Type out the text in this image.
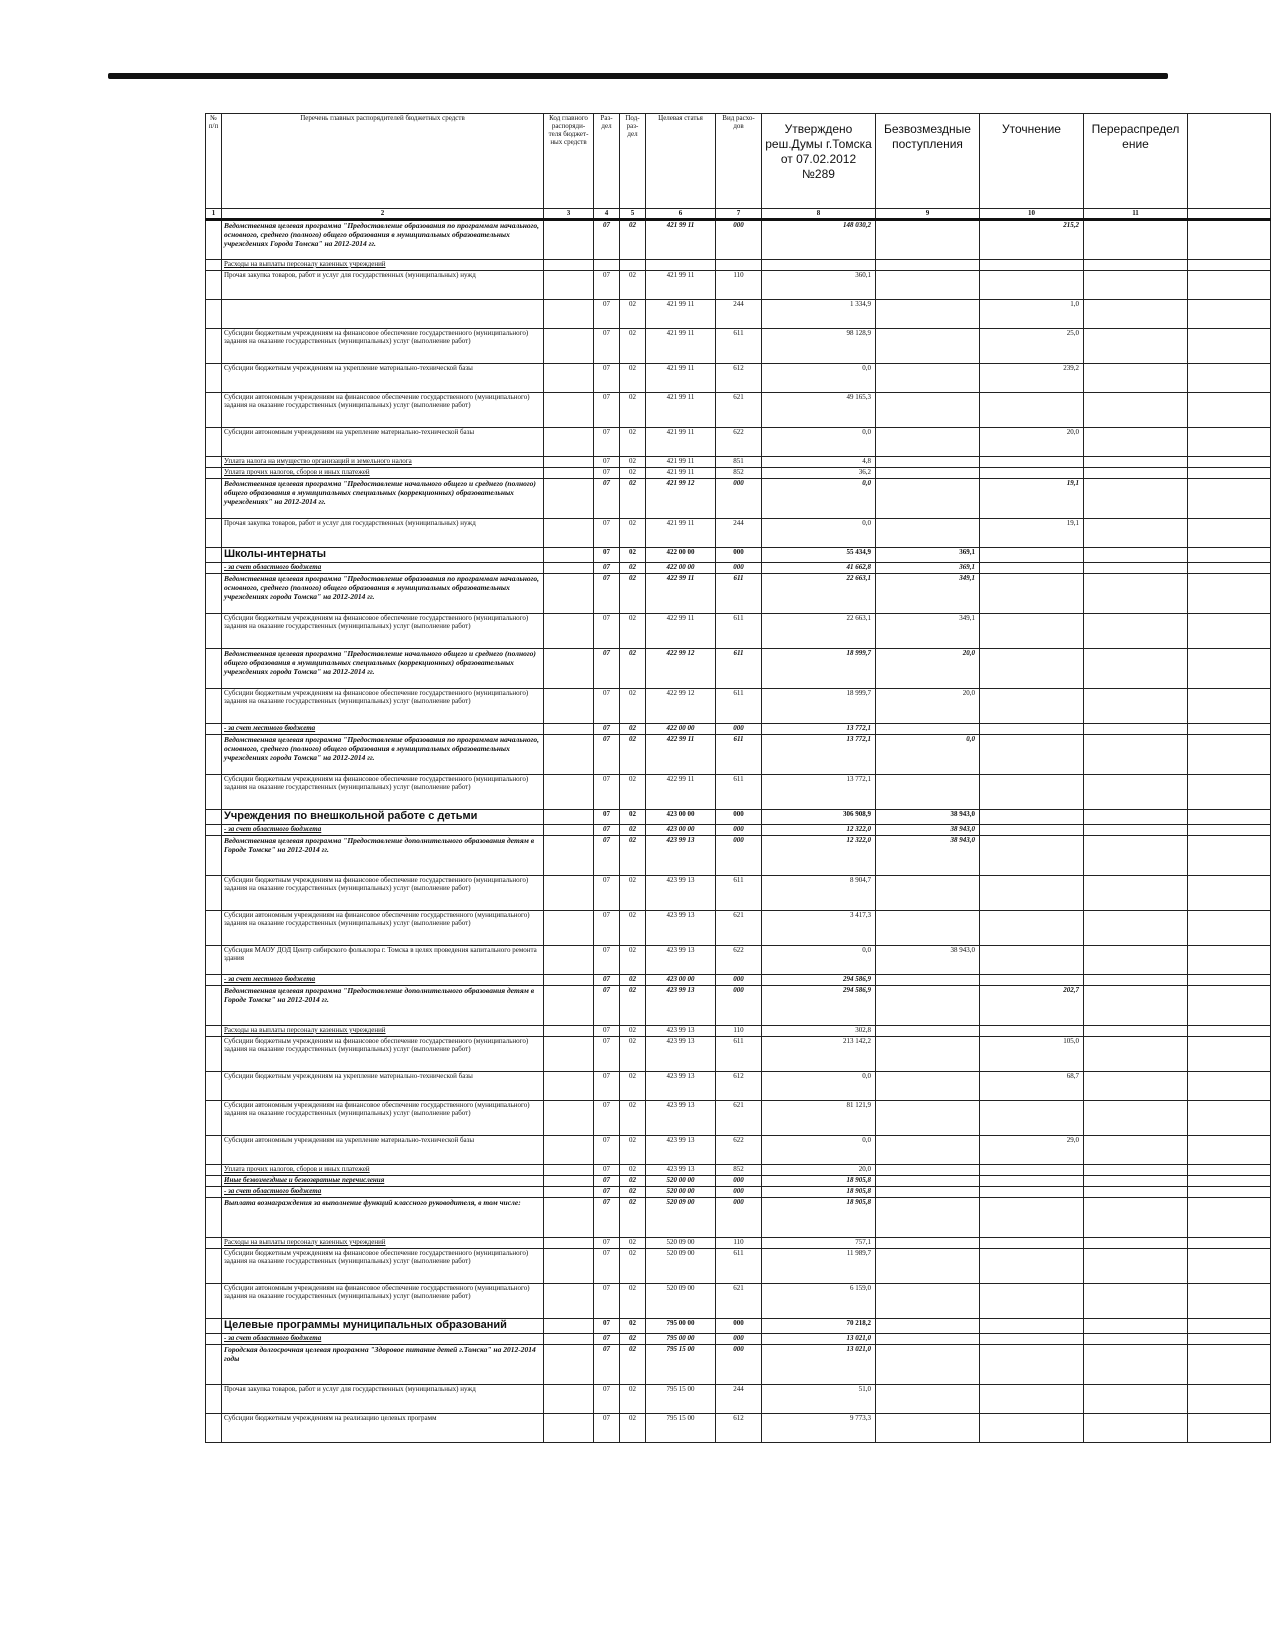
№ п/п	Перечень главных распорядителей бюджетных средств	Код главного распоряди-теля бюджет-ных средств	Раз-дел	Под-раз-дел	Целевая статья	Вид расхо-дов	Утверждено реш.Думы г.Томска от 07.02.2012 №289	Безвозмездные поступления	Уточнение	Перераспредел ение	
1	2	3	4	5	6	7	8	9	10	11	
	Ведомственная целевая программа "Предоставление образования по программам начального, основного, среднего (полного) общего образования в муниципальных образовательных учреждениях Города Томска" на 2012-2014 гг.		07	02	421 99 11	000	148 030,2		215,2		
	Расходы на выплаты персоналу казенных учреждений										
	Прочая закупка товаров, работ и услуг для государственных (муниципальных) нужд		07	02	421 99 11	110	360,1				
			07	02	421 99 11	244	1 334,9		1,0		
	Субсидии бюджетным учреждениям на финансовое обеспечение государственного (муниципального) задания на оказание государственных (муниципальных) услуг (выполнение работ)		07	02	421 99 11	611	98 128,9		25,0		
	Субсидии бюджетным учреждениям на укрепление материально-технической базы		07	02	421 99 11	612	0,0		239,2		
	Субсидии автономным учреждениям на финансовое обеспечение государственного (муниципального) задания на оказание государственных (муниципальных) услуг (выполнение работ)		07	02	421 99 11	621	49 165,3				
	Субсидии автономным учреждениям на укрепление материально-технической базы		07	02	421 99 11	622	0,0		20,0		
	Уплата налога на имущество организаций и земельного налога		07	02	421 99 11	851	4,8				
	Уплата прочих налогов, сборов и иных платежей		07	02	421 99 11	852	36,2				
	Ведомственная целевая программа "Предоставление начального общего и среднего (полного) общего образования в муниципальных специальных (коррекционных) образовательных учреждениях" на 2012-2014 гг.		07	02	421 99 12	000	0,0		19,1		
	Прочая закупка товаров, работ и услуг для государственных (муниципальных) нужд		07	02	421 99 11	244	0,0		19,1		
	Школы-интернаты		07	02	422 00 00	000	55 434,9	369,1			
	- за счет областного бюджета		07	02	422 00 00	000	41 662,8	369,1			
	Ведомственная целевая программа "Предоставление образования по программам начального, основного, среднего (полного) общего образования в муниципальных образовательных учреждениях города Томска" на 2012-2014 гг.		07	02	422 99 11	611	22 663,1	349,1			
	Субсидии бюджетным учреждениям на финансовое обеспечение государственного (муниципального) задания на оказание государственных (муниципальных) услуг (выполнение работ)		07	02	422 99 11	611	22 663,1	349,1			
	Ведомственная целевая программа "Предоставление начального общего и среднего (полного) общего образования в муниципальных специальных (коррекционных) образовательных учреждениях города Томска" на 2012-2014 гг.		07	02	422 99 12	611	18 999,7	20,0			
	Субсидии бюджетным учреждениям на финансовое обеспечение государственного (муниципального) задания на оказание государственных (муниципальных) услуг (выполнение работ)		07	02	422 99 12	611	18 999,7	20,0			
	- за счет местного бюджета		07	02	422 00 00	000	13 772,1				
	Ведомственная целевая программа "Предоставление образования по программам начального, основного, среднего (полного) общего образования в муниципальных образовательных учреждениях города Томска" на 2012-2014 гг.		07	02	422 99 11	611	13 772,1	0,0			
	Субсидии бюджетным учреждениям на финансовое обеспечение государственного (муниципального) задания на оказание государственных (муниципальных) услуг (выполнение работ)		07	02	422 99 11	611	13 772,1				
	Учреждения по внешкольной работе с детьми		07	02	423 00 00	000	306 908,9	38 943,0			
	- за счет областного бюджета		07	02	423 00 00	000	12 322,0	38 943,0			
	Ведомственная целевая программа "Предоставление дополнительного образования детям в Городе Томске" на 2012-2014 гг.		07	02	423 99 13	000	12 322,0	38 943,0			
	Субсидии бюджетным учреждениям на финансовое обеспечение государственного (муниципального) задания на оказание государственных (муниципальных) услуг (выполнение работ)		07	02	423 99 13	611	8 904,7				
	Субсидии автономным учреждениям на финансовое обеспечение государственного (муниципального) задания на оказание государственных (муниципальных) услуг (выполнение работ)		07	02	423 99 13	621	3 417,3				
	Субсидия МАОУ ДОД Центр сибирского фольклора г. Томска в целях проведения капитального ремонта здания		07	02	423 99 13	622	0,0	38 943,0			
	- за счет местного бюджета		07	02	423 00 00	000	294 586,9				
	Ведомственная целевая программа "Предоставление дополнительного образования детям в Городе Томске" на 2012-2014 гг.		07	02	423 99 13	000	294 586,9		202,7		
	Расходы на выплаты персоналу казенных учреждений		07	02	423 99 13	110	302,8				
	Субсидии бюджетным учреждениям на финансовое обеспечение государственного (муниципального) задания на оказание государственных (муниципальных) услуг (выполнение работ)		07	02	423 99 13	611	213 142,2		105,0		
	Субсидии бюджетным учреждениям на укрепление материально-технической базы		07	02	423 99 13	612	0,0		68,7		
	Субсидии автономным учреждениям на финансовое обеспечение государственного (муниципального) задания на оказание государственных (муниципальных) услуг (выполнение работ)		07	02	423 99 13	621	81 121,9				
	Субсидии автономным учреждениям на укрепление материально-технической базы		07	02	423 99 13	622	0,0		29,0		
	Уплата прочих налогов, сборов и иных платежей		07	02	423 99 13	852	20,0				
	Иные безвозмездные и безвозвратные перечисления		07	02	520 00 00	000	18 905,8				
	- за счет областного бюджета		07	02	520 00 00	000	18 905,8				
	Выплата вознаграждения за выполнение функций классного руководителя, в том числе:		07	02	520 09 00	000	18 905,8				
	Расходы на выплаты персоналу казенных учреждений		07	02	520 09 00	110	757,1				
	Субсидии бюджетным учреждениям на финансовое обеспечение государственного (муниципального) задания на оказание государственных (муниципальных) услуг (выполнение работ)		07	02	520 09 00	611	11 989,7				
	Субсидии автономным учреждениям на финансовое обеспечение государственного (муниципального) задания на оказание государственных (муниципальных) услуг (выполнение работ)		07	02	520 09 00	621	6 159,0				
	Целевые программы муниципальных образований		07	02	795 00 00	000	70 218,2				
	- за счет областного бюджета		07	02	795 00 00	000	13 021,0				
	Городская долгосрочная целевая программа "Здоровое питание детей г.Томска" на 2012-2014 годы		07	02	795 15 00	000	13 021,0				
	Прочая закупка товаров, работ и услуг для государственных (муниципальных) нужд		07	02	795 15 00	244	51,0				
	Субсидии бюджетным учреждениям на реализацию целевых программ		07	02	795 15 00	612	9 773,3				
